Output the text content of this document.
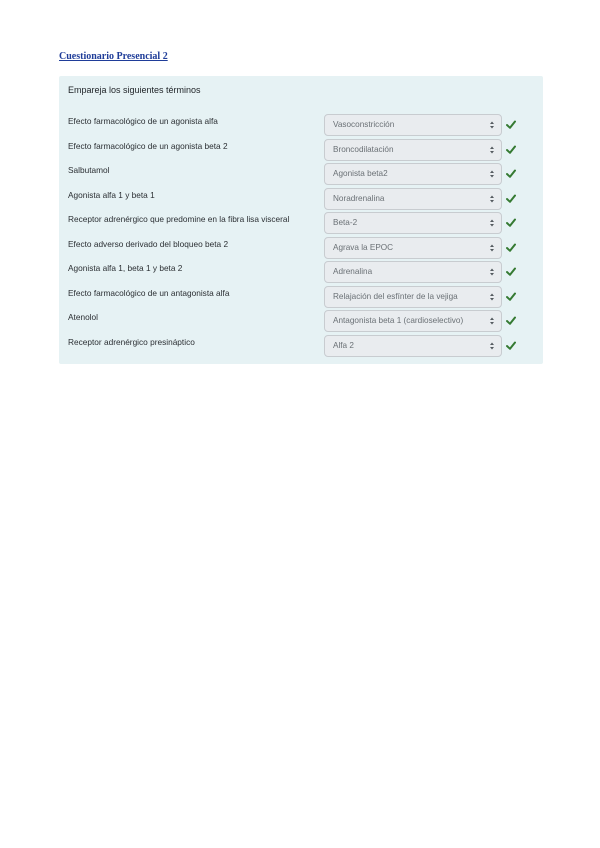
Cuestionario Presencial 2
Empareja los siguientes términos
Efecto farmacológico de un agonista alfa	Vasoconstricción
Efecto farmacológico de un agonista beta 2	Broncodilatación
Salbutamol	Agonista beta2
Agonista alfa 1 y beta 1	Noradrenalina
Receptor adrenérgico que predomine en la fibra lisa visceral	Beta-2
Efecto adverso derivado del bloqueo beta 2	Agrava la EPOC
Agonista alfa 1, beta 1 y beta 2	Adrenalina
Efecto farmacológico de un antagonista alfa	Relajación del esfínter de la vejiga
Atenolol	Antagonista beta 1 (cardioselectivo)
Receptor adrenérgico presináptico	Alfa 2
